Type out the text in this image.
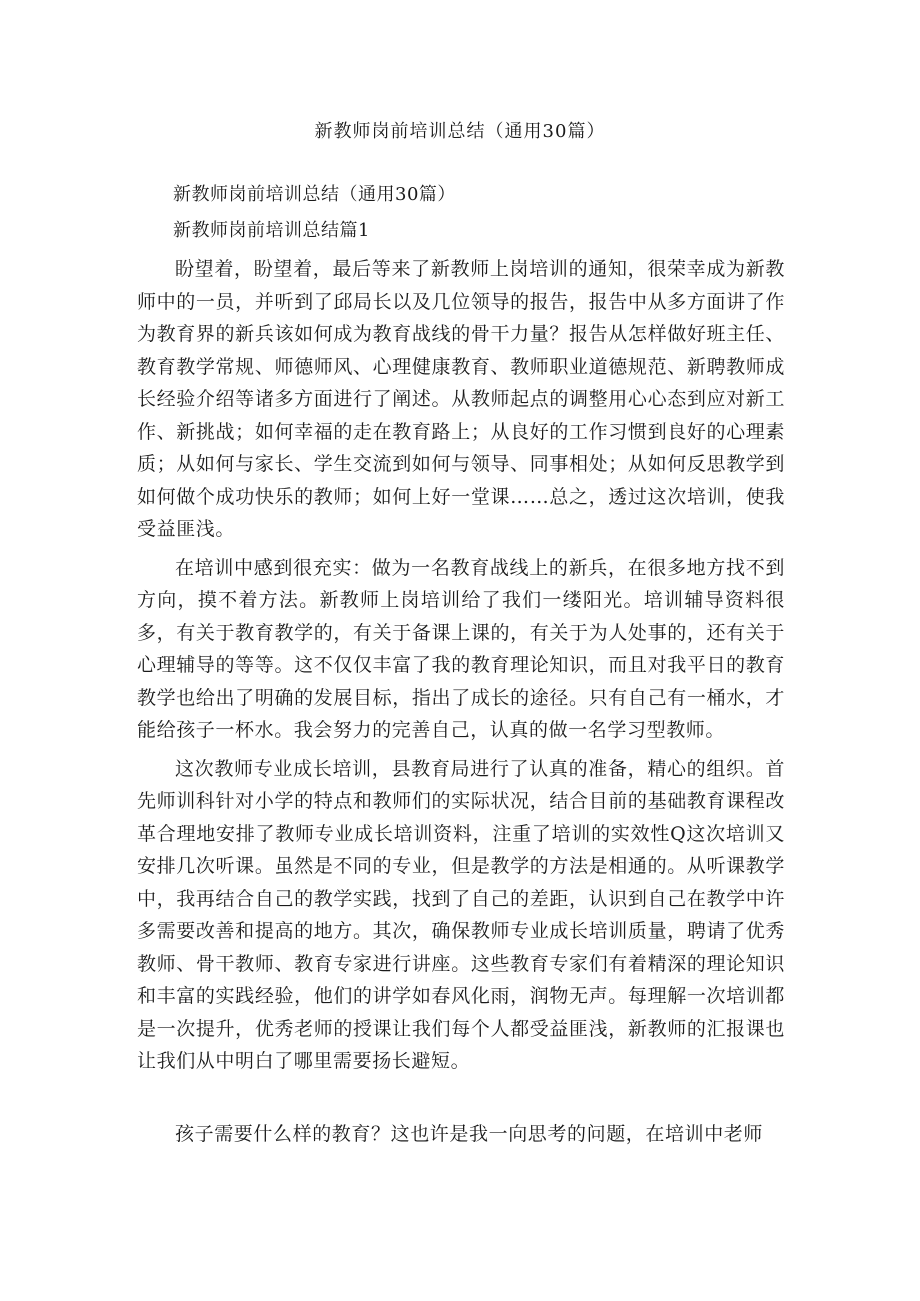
新教师岗前培训总结（通用30篇）

新教师岗前培训总结（通用30篇）

新教师岗前培训总结篇1

盼望着，盼望着，最后等来了新教师上岗培训的通知，很荣幸成为新教师中的一员，并听到了邱局长以及几位领导的报告，报告中从多方面讲了作为教育界的新兵该如何成为教育战线的骨干力量？报告从怎样做好班主任、教育教学常规、师德师风、心理健康教育、教师职业道德规范、新聘教师成长经验介绍等诸多方面进行了阐述。从教师起点的调整用心心态到应对新工作、新挑战；如何幸福的走在教育路上；从良好的工作习惯到良好的心理素质；从如何与家长、学生交流到如何与领导、同事相处；从如何反思教学到如何做个成功快乐的教师；如何上好一堂课……总之，透过这次培训，使我受益匪浅。

在培训中感到很充实：做为一名教育战线上的新兵，在很多地方找不到方向，摸不着方法。新教师上岗培训给了我们一缕阳光。培训辅导资料很多，有关于教育教学的，有关于备课上课的，有关于为人处事的，还有关于心理辅导的等等。这不仅仅丰富了我的教育理论知识，而且对我平日的教育教学也给出了明确的发展目标，指出了成长的途径。只有自己有一桶水，才能给孩子一杯水。我会努力的完善自己，认真的做一名学习型教师。

这次教师专业成长培训，县教育局进行了认真的准备，精心的组织。首先师训科针对小学的特点和教师们的实际状况，结合目前的基础教育课程改革合理地安排了教师专业成长培训资料，注重了培训的实效性Q这次培训又安排几次听课。虽然是不同的专业，但是教学的方法是相通的。从听课教学中，我再结合自己的教学实践，找到了自己的差距，认识到自己在教学中许多需要改善和提高的地方。其次，确保教师专业成长培训质量，聘请了优秀教师、骨干教师、教育专家进行讲座。这些教育专家们有着精深的理论知识和丰富的实践经验，他们的讲学如春风化雨，润物无声。每理解一次培训都是一次提升，优秀老师的授课让我们每个人都受益匪浅，新教师的汇报课也让我们从中明白了哪里需要扬长避短。

孩子需要什么样的教育？这也许是我一向思考的问题，在培训中老师
